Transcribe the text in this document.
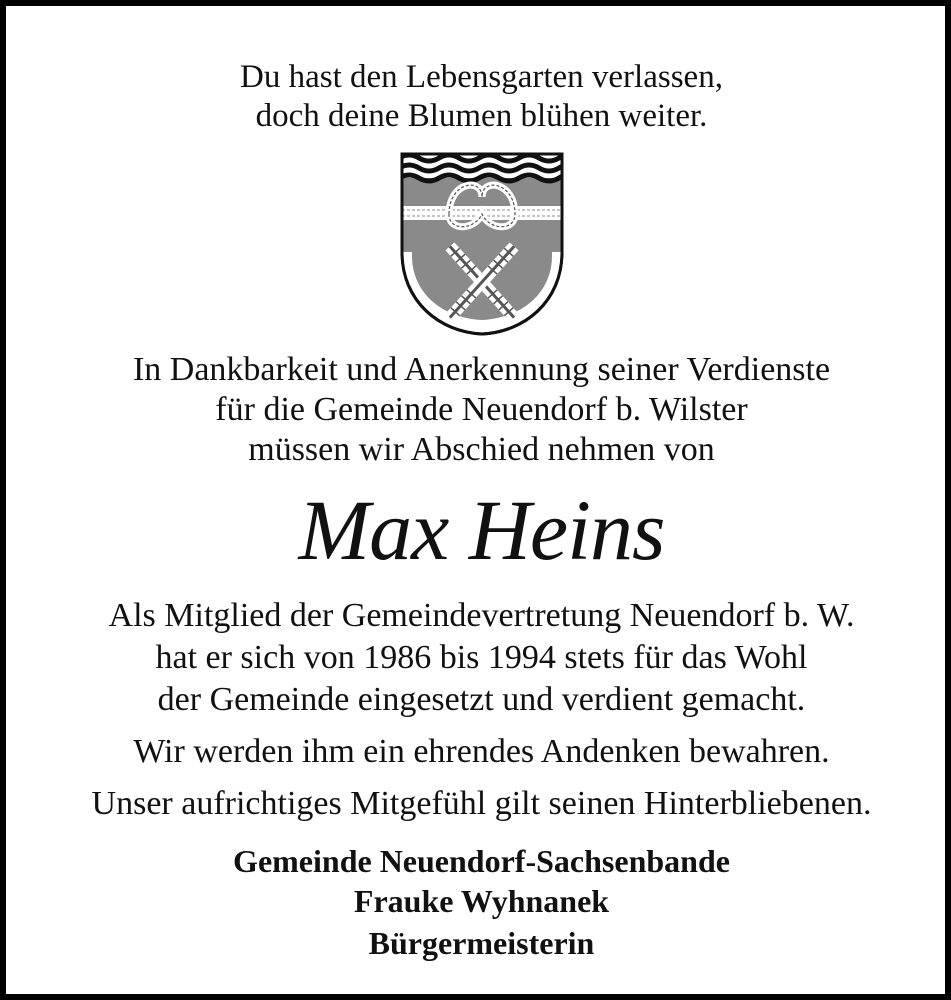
Du hast den Lebensgarten verlassen,
doch deine Blumen blühen weiter.
In Dankbarkeit und Anerkennung seiner Verdienste
für die Gemeinde Neuendorf b. Wilster
müssen wir Abschied nehmen von
Max Heins
Als Mitglied der Gemeindevertretung Neuendorf b. W.
hat er sich von 1986 bis 1994 stets für das Wohl
der Gemeinde eingesetzt und verdient gemacht.
Wir werden ihm ein ehrendes Andenken bewahren.
Unser aufrichtiges Mitgefühl gilt seinen Hinterbliebenen.
Gemeinde Neuendorf-Sachsenbande
Frauke Wyhnanek
Bürgermeisterin
